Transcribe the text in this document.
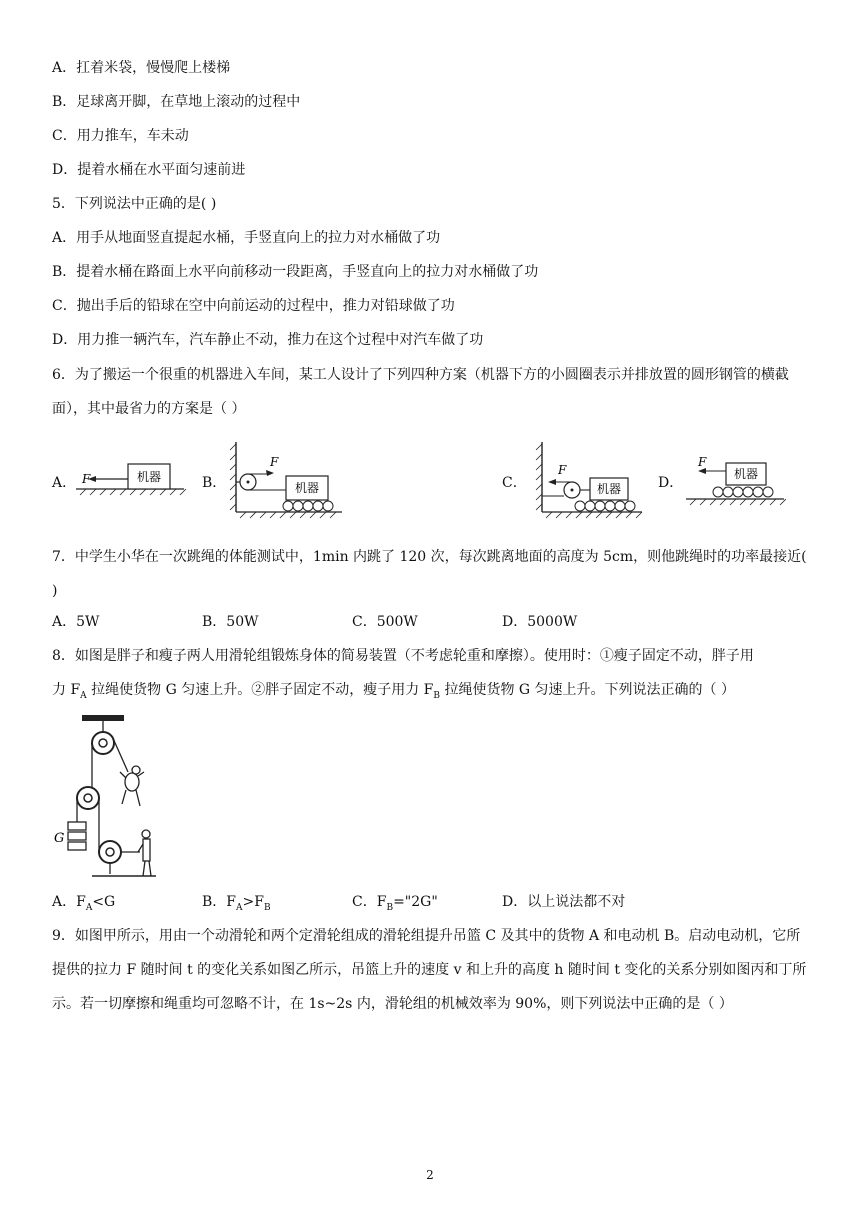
A．扛着米袋，慢慢爬上楼梯
B．足球离开脚，在草地上滚动的过程中
C．用力推车，车未动
D．提着水桶在水平面匀速前进
5．下列说法中正确的是( )
A．用手从地面竖直提起水桶，手竖直向上的拉力对水桶做了功
B．提着水桶在路面上水平向前移动一段距离，手竖直向上的拉力对水桶做了功
C．抛出手后的铅球在空中向前运动的过程中，推力对铅球做了功
D．用力推一辆汽车，汽车静止不动，推力在这个过程中对汽车做了功
6．为了搬运一个很重的机器进入车间，某工人设计了下列四种方案（机器下方的小圆圈表示并排放置的圆形钢管的横截面），其中最省力的方案是（ ）
A．	B．	C．	D．
机器
F
F
机器
F
机器
机器
F
7．中学生小华在一次跳绳的体能测试中，1min 内跳了 120 次，每次跳离地面的高度为 5cm，则他跳绳时的功率最接近( )
A．5W	B．50W	C．500W	D．5000W
8．如图是胖子和瘦子两人用滑轮组锻炼身体的简易装置（不考虑轮重和摩擦）。使用时：①瘦子固定不动，胖子用
力 $F_A$ 拉绳使货物 G 匀速上升。②胖子固定不动，瘦子用力 $F_B$ 拉绳使货物 G 匀速上升。下列说法正确的（ ）
G
A．$F_A<G$	B．$F_A>F_B$	C．$F_B="2G$"	D．以上说法都不对
9．如图甲所示，用由一个动滑轮和两个定滑轮组成的滑轮组提升吊篮 C 及其中的货物 A 和电动机 B。启动电动机，它所提供的拉力 F 随时间 t 的变化关系如图乙所示，吊篮上升的速度 v 和上升的高度 h 随时间 t 变化的关系分别如图丙和丁所示。若一切摩擦和绳重均可忽略不计，在 1s~2s 内，滑轮组的机械效率为 90%，则下列说法中正确的是（ ）
2
